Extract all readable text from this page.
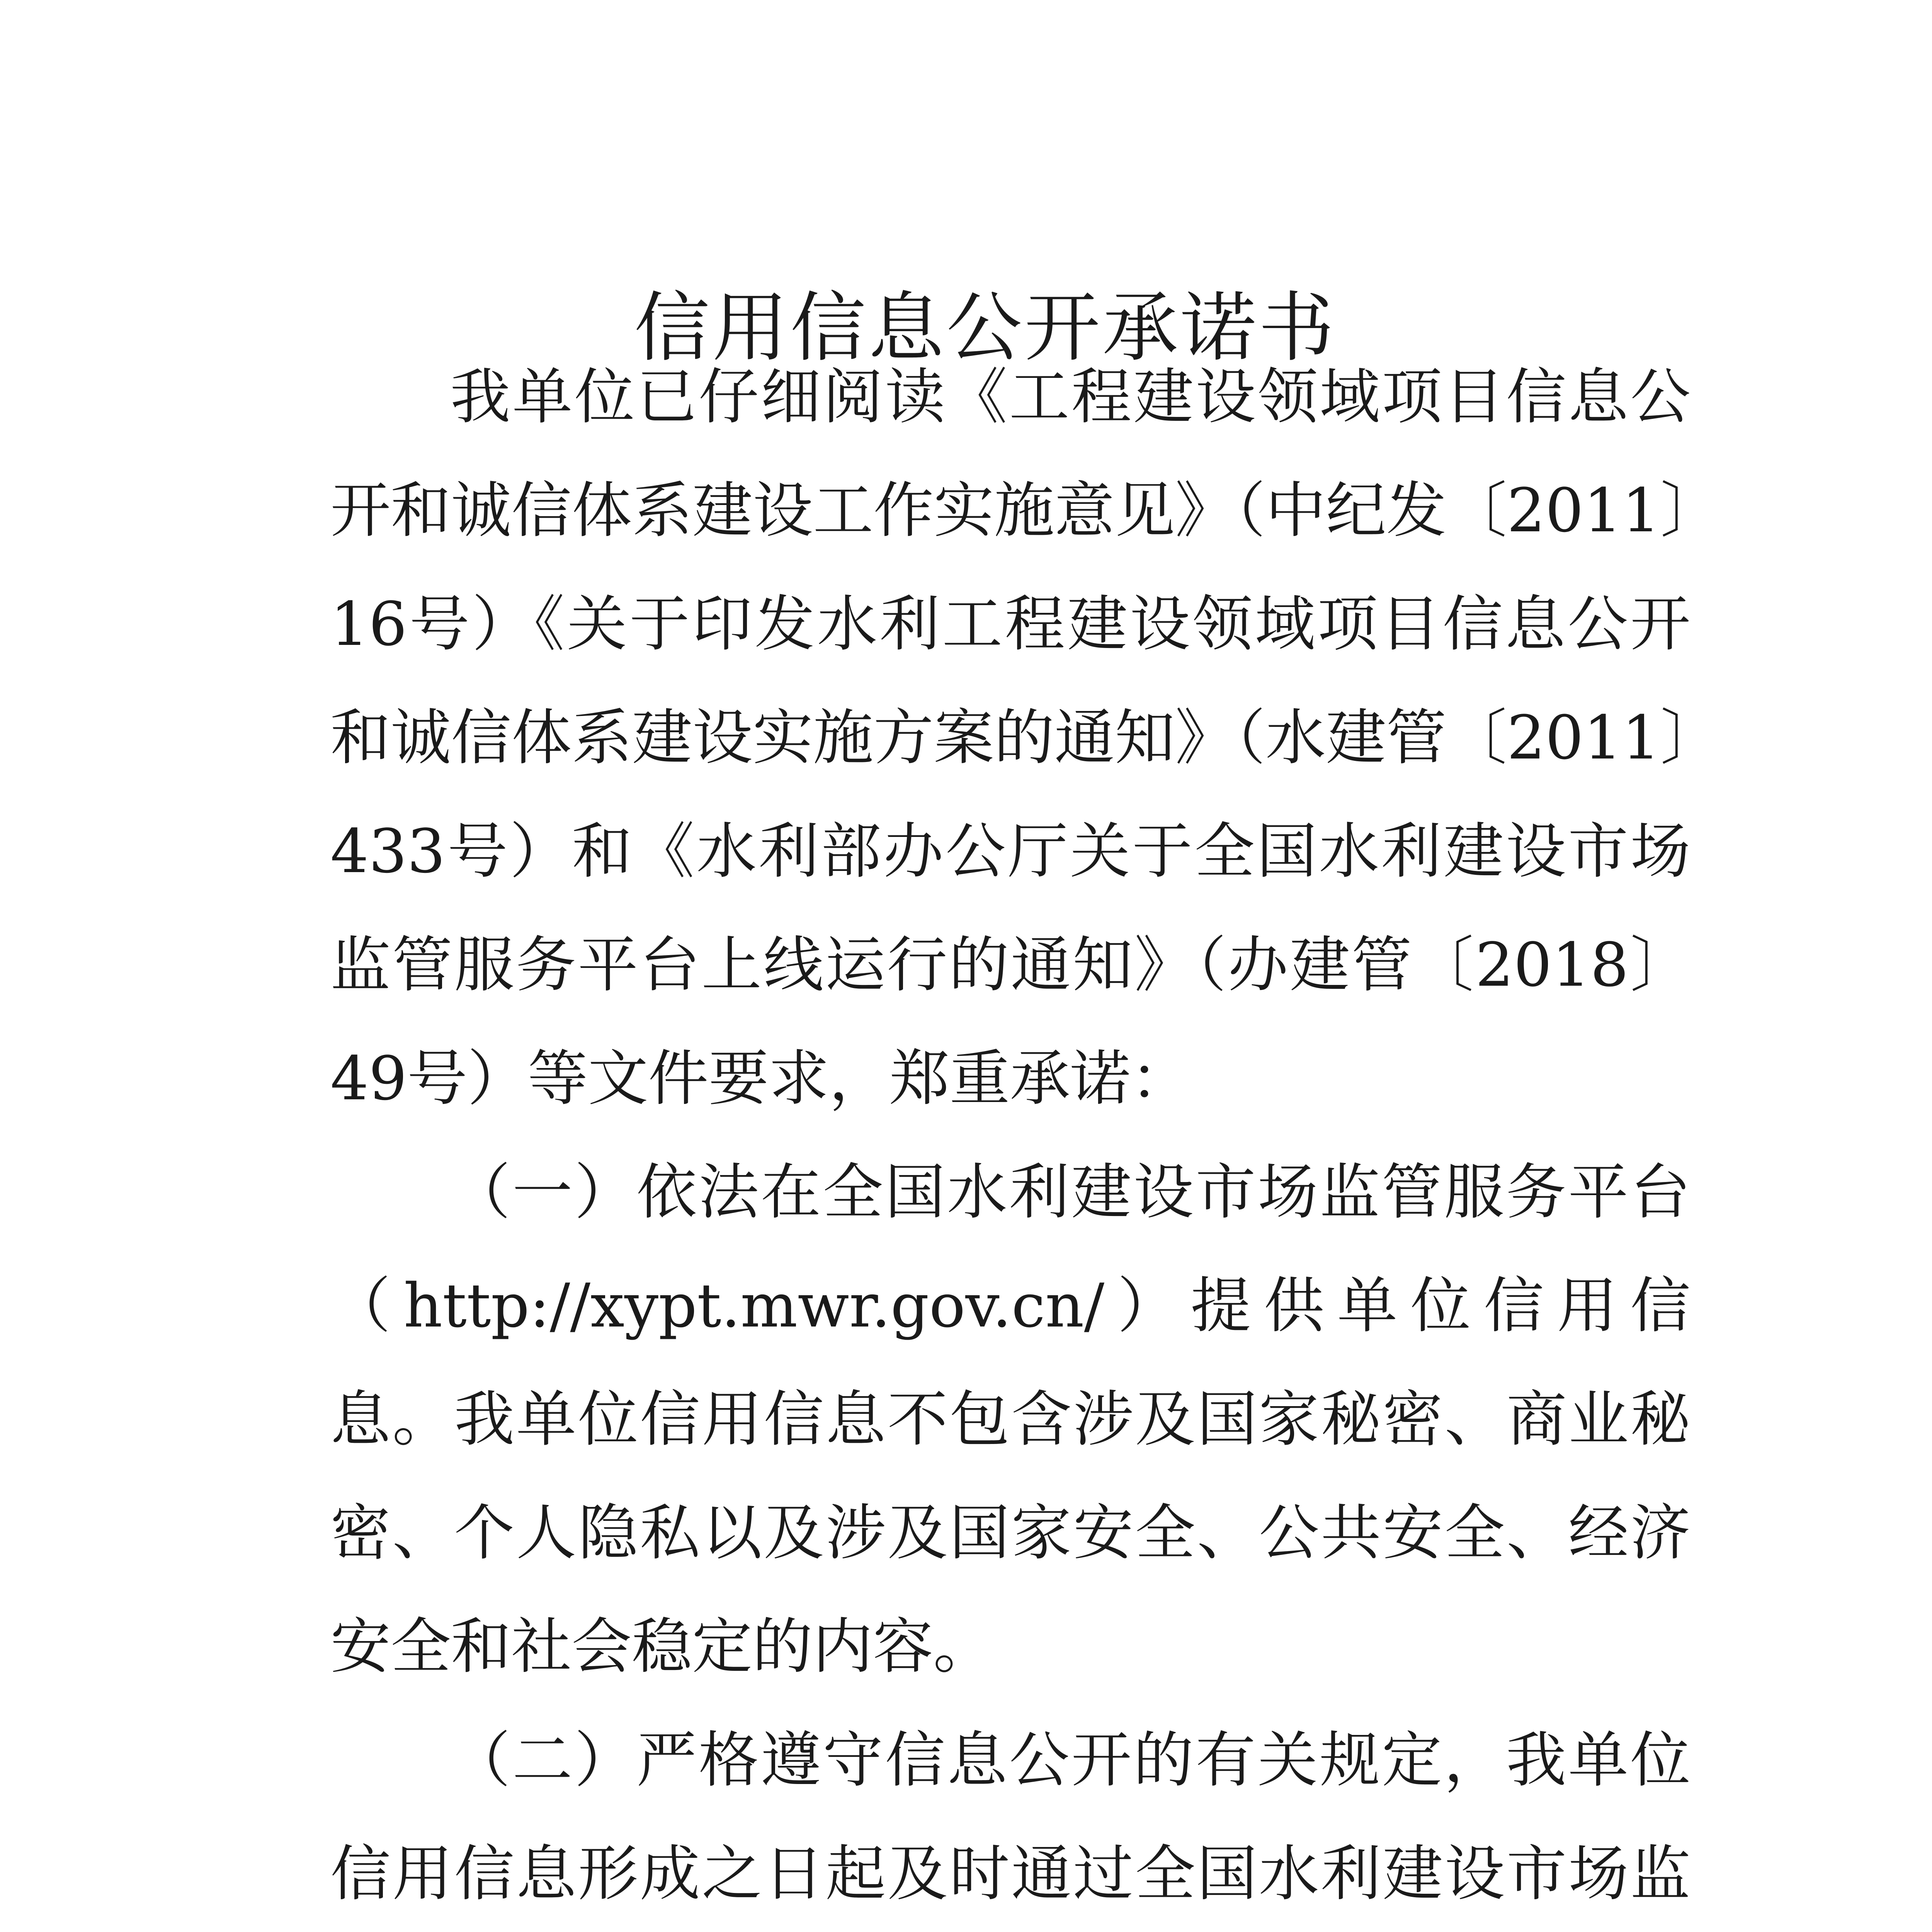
信用信息公开承诺书

我单位已仔细阅读《工程建设领域项目信息公开和诚信体系建设工作实施意见》（中纪发〔2011〕16号）《关于印发水利工程建设领域项目信息公开和诚信体系建设实施方案的通知》（水建管〔2011〕433号）和《水利部办公厅关于全国水利建设市场监管服务平台上线运行的通知》（办建管〔2018〕49号）等文件要求，郑重承诺：

（一）依法在全国水利建设市场监管服务平台（http://xypt.mwr.gov.cn/）提供单位信用信息。我单位信用信息不包含涉及国家秘密、商业秘密、个人隐私以及涉及国家安全、公共安全、经济安全和社会稳定的内容。

（二）严格遵守信息公开的有关规定，我单位信用信息形成之日起及时通过全国水利建设市场监
